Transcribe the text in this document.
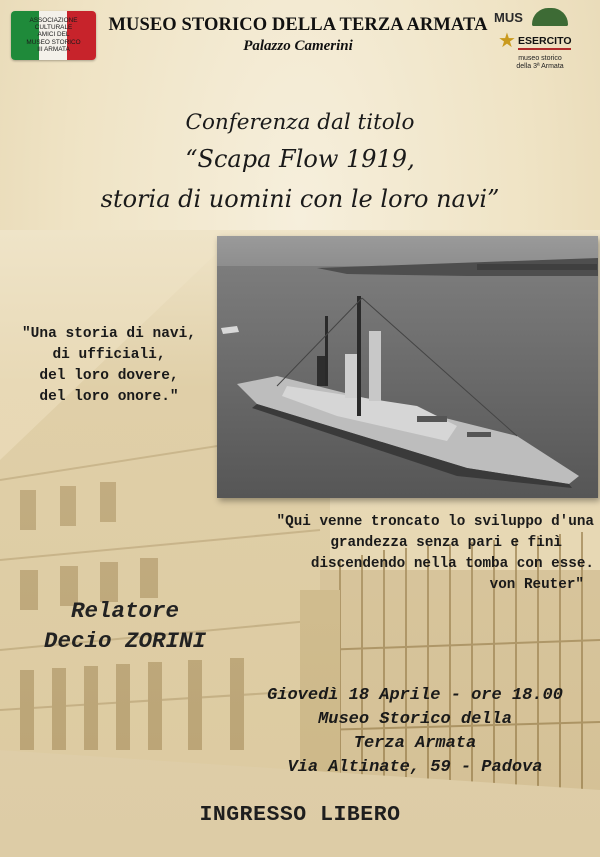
ASSOCIAZIONE CULTURALE
AMICI DEL
MUSEO STORICO
III ARMATA
MUSEO STORICO DELLA TERZA ARMATA
Palazzo Camerini
MUS
★ ESERCITO
museo storico
della 3ª Armata
Conferenza dal titolo
“Scapa Flow 1919,
storia di uomini con le loro navi”
"Una storia di navi,
di ufficiali,
del loro dovere,
del loro onore."
"Qui venne troncato lo sviluppo d'una
grandezza senza pari e finì
discendendo nella tomba con esse.
von Reuter"
Relatore
Decio ZORINI
Giovedì 18 Aprile - ore 18.00
Museo Storico della
Terza Armata
Via Altinate, 59 - Padova
INGRESSO LIBERO
